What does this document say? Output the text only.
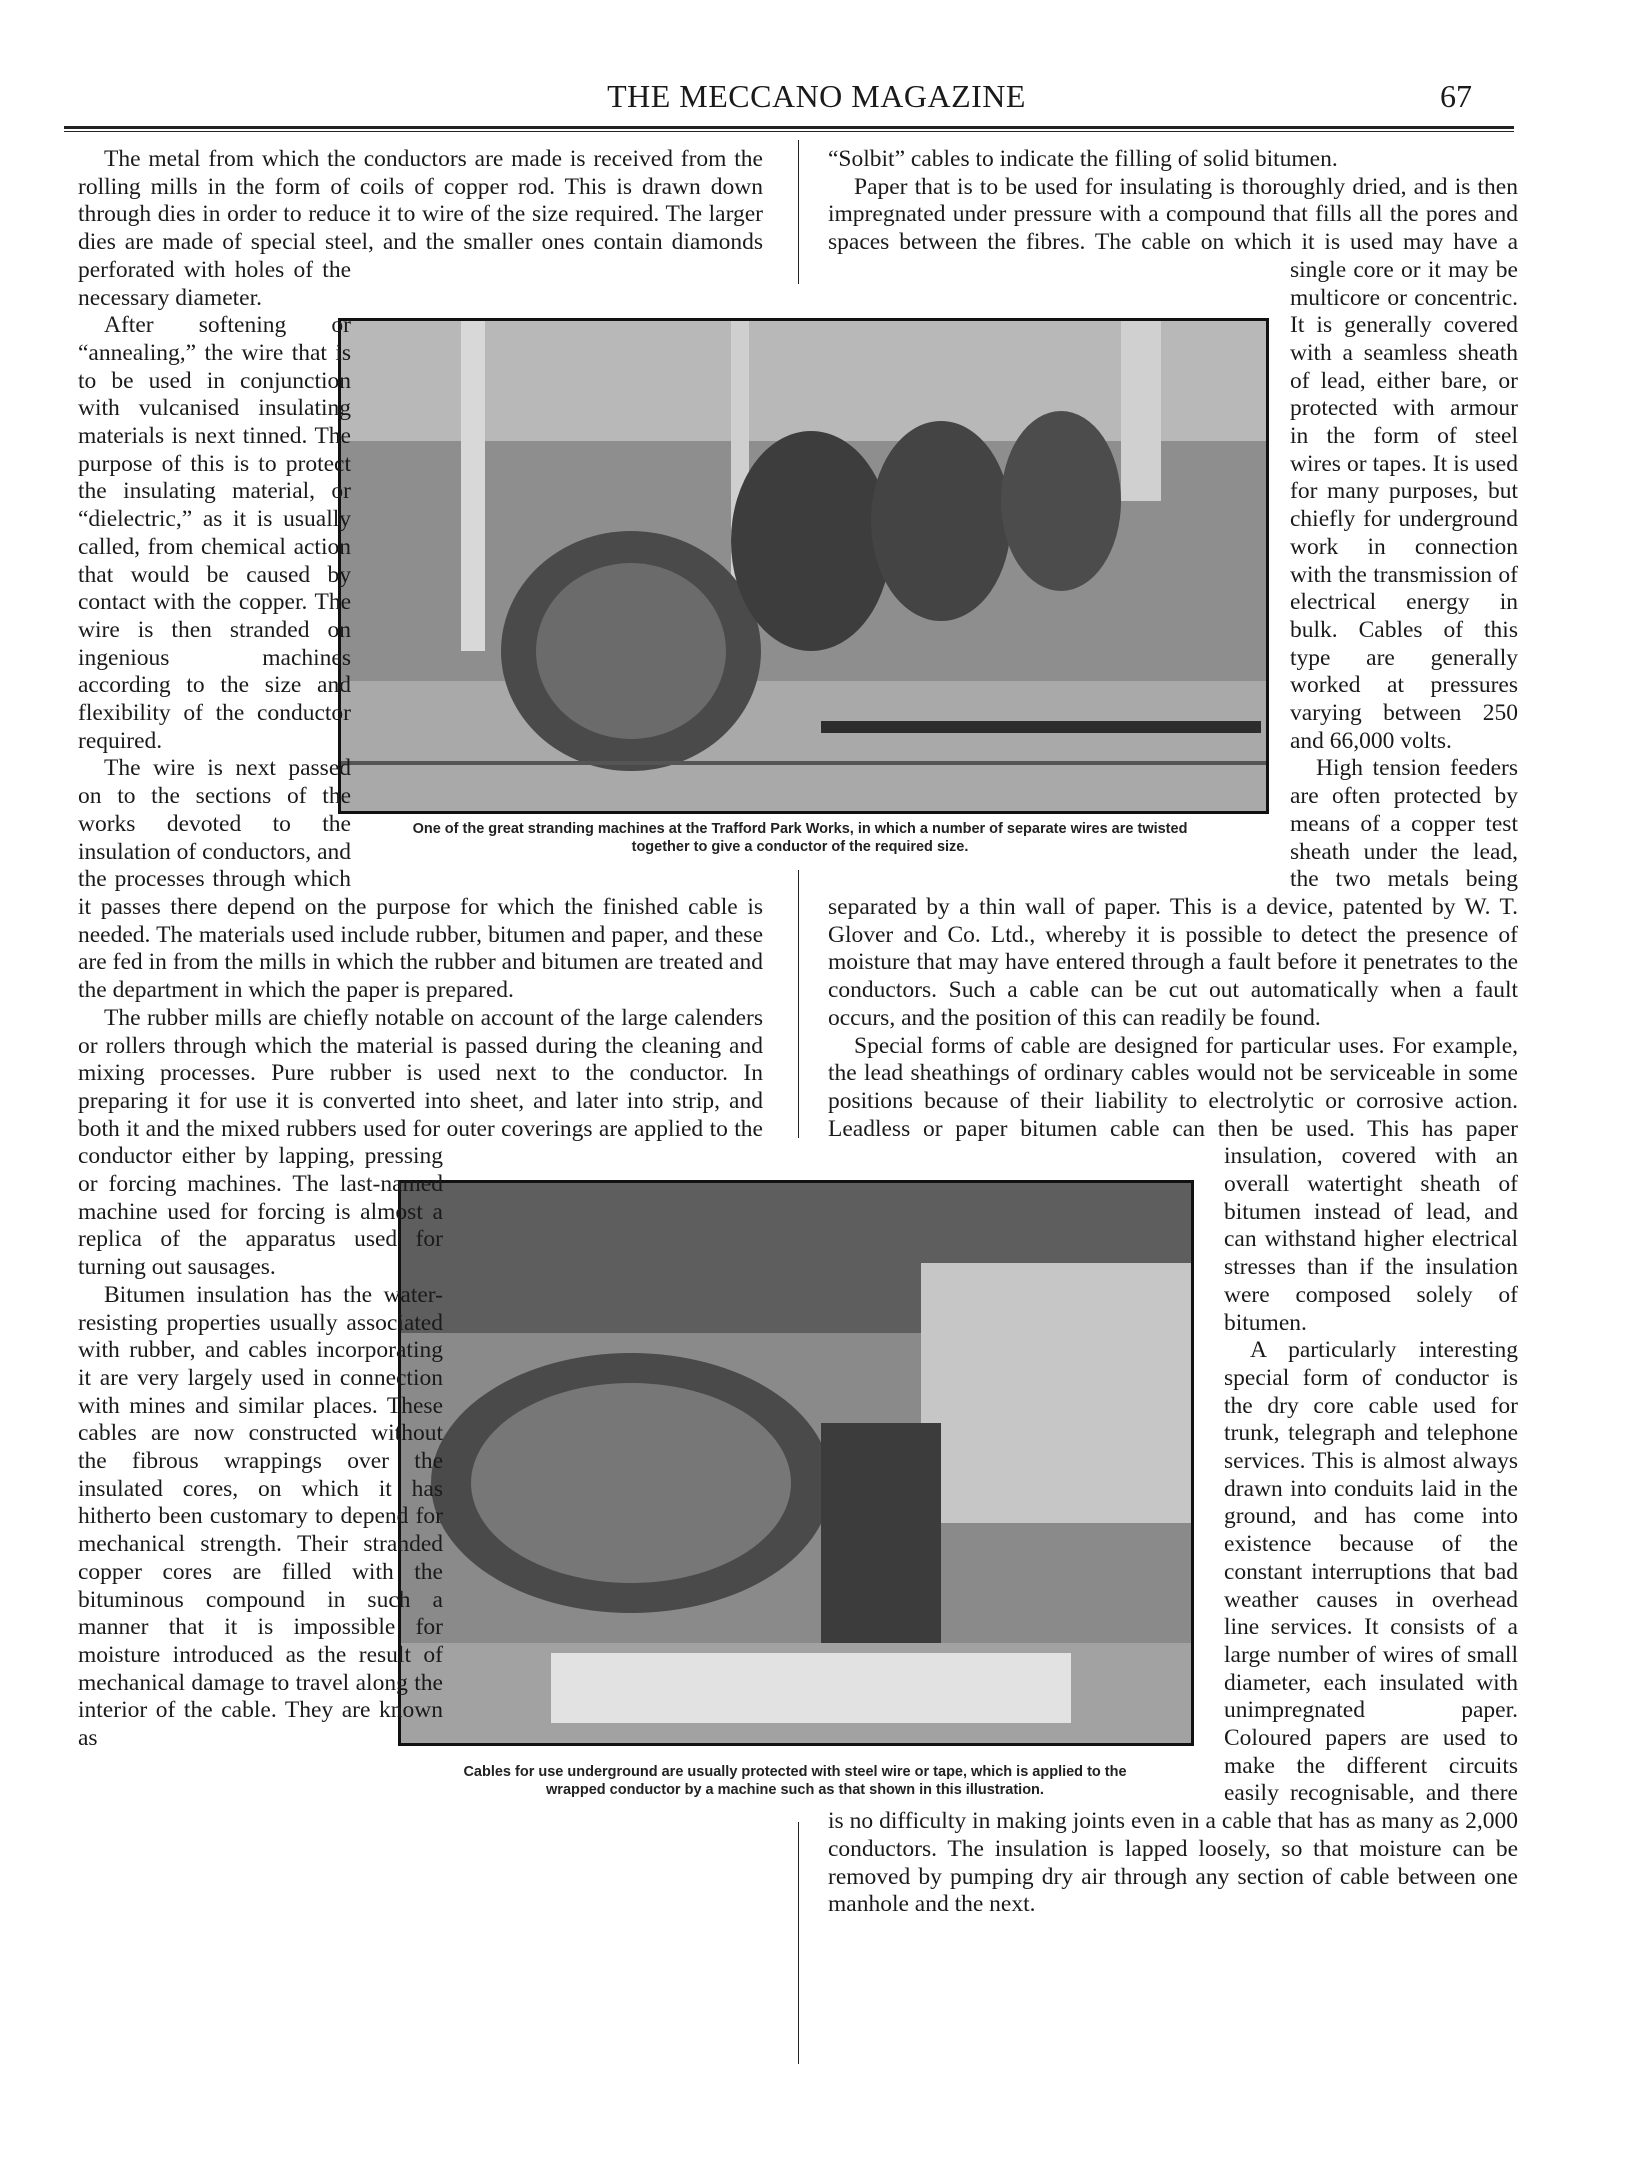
THE MECCANO MAGAZINE	67
One of the great stranding machines at the Trafford Park Works, in which a number of separate wires are twisted
together to give a conductor of the required size.
Cables for use underground are usually protected with steel wire or tape, which is applied to the
wrapped conductor by a machine such as that shown in this illustration.

The metal from which the conductors are made is received from the rolling mills in the form of coils of copper rod. This is drawn down through dies in order to reduce it to wire of the size required. The larger dies are made of special steel, and the smaller ones contain diamonds perforated with holes of the necessary diameter.

After softening or “annealing,” the wire that is to be used in conjunction with vulcanised insulating materials is next tinned. The purpose of this is to protect the insulating material, or “dielectric,” as it is usually called, from chemical action that would be caused by contact with the copper. The wire is then stranded on ingenious machines according to the size and flexibility of the conductor required.

The wire is next passed on to the sections of the works devoted to the insulation of conductors, and the processes through which it passes there depend on the purpose for which the finished cable is needed. The materials used include rubber, bitumen and paper, and these are fed in from the mills in which the rubber and bitumen are treated and the department in which the paper is prepared.

The rubber mills are chiefly notable on account of the large calenders or rollers through which the material is passed during the cleaning and mixing processes. Pure rubber is used next to the conductor. In preparing it for use it is converted into sheet, and later into strip, and both it and the mixed rubbers used for outer coverings are applied to the conductor either by lapping, pressing or forcing machines. The last-named machine used for forcing is almost a replica of the apparatus used for turning out sausages.

Bitumen insulation has the water-resisting properties usually associated with rubber, and cables incorporating it are very largely used in connection with mines and similar places. These cables are now constructed without the fibrous wrappings over the insulated cores, on which it has hitherto been customary to depend for mechanical strength. Their stranded copper cores are filled with the bituminous compound in such a manner that it is impossible for moisture introduced as the result of mechanical damage to travel along the interior of the cable. They are known as

“Solbit” cables to indicate the filling of solid bitumen.

Paper that is to be used for insulating is thoroughly dried, and is then impregnated under pressure with a compound that fills all the pores and spaces between the fibres. The cable on which it is used may have a single core or it may be multicore or concentric. It is generally covered with a seamless sheath of lead, either bare, or protected with armour in the form of steel wires or tapes. It is used for many purposes, but chiefly for underground work in connection with the transmission of electrical energy in bulk. Cables of this type are generally worked at pressures varying between 250 and 66,000 volts.

High tension feeders are often protected by means of a copper test sheath under the lead, the two metals being separated by a thin wall of paper. This is a device, patented by W. T. Glover and Co. Ltd., whereby it is possible to detect the presence of moisture that may have entered through a fault before it penetrates to the conductors. Such a cable can be cut out automatically when a fault occurs, and the position of this can readily be found.

Special forms of cable are designed for particular uses. For example, the lead sheathings of ordinary cables would not be serviceable in some positions because of their liability to electrolytic or corrosive action. Leadless or paper bitumen cable can then be used. This has paper insulation, covered with an overall watertight sheath of bitumen instead of lead, and can withstand higher electrical stresses than if the insulation were composed solely of bitumen.

A particularly interesting special form of conductor is the dry core cable used for trunk, telegraph and telephone services. This is almost always drawn into conduits laid in the ground, and has come into existence because of the constant interruptions that bad weather causes in overhead line services. It consists of a large number of wires of small diameter, each insulated with unimpregnated paper. Coloured papers are used to make the different circuits easily recognisable, and there is no difficulty in making joints even in a cable that has as many as 2,000 conductors. The insulation is lapped loosely, so that moisture can be removed by pumping dry air through any section of cable between one manhole and the next.
